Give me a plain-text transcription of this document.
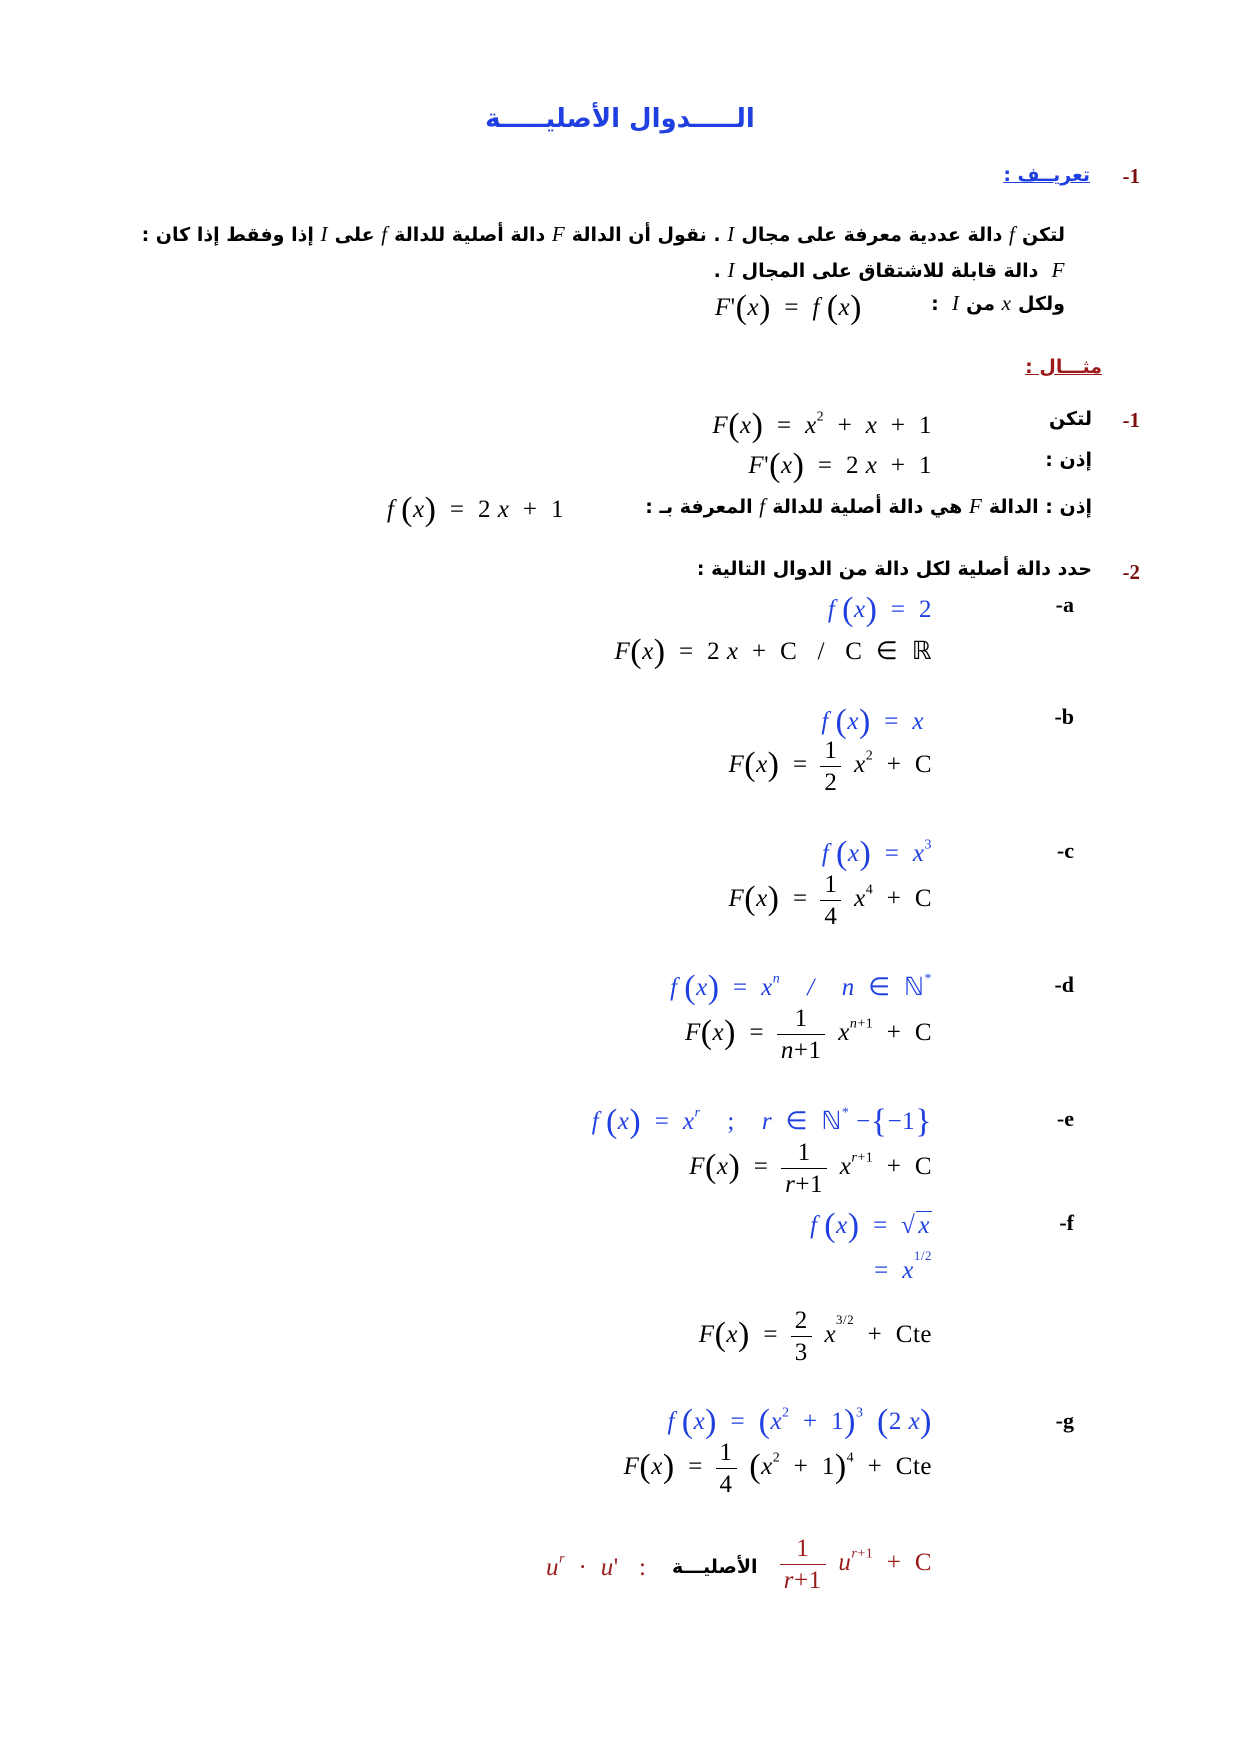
الـــــدوال الأصليـــــة
-1
تعريــف :
لتكن f دالة عددية معرفة على مجال I . نقول أن الدالة F دالة أصلية للدالة f على I إذا وفقط إذا كان :
F  دالة قابلة للاشتقاق على المجال I .
ولكل x من I  :
F'(x)  =  f (x)
مثـــال :
-1
لتكن
$F(x) = x^2 + x + 1$
إذن :
F'(x)  =  2 x  +  1
إذن : الدالة F هي دالة أصلية للدالة f المعرفة بـ :
f (x)  =  2 x  +  1
-2
حدد دالة أصلية لكل دالة من الدوال التالية :
-a
f (x)  =  2
F(x)  =  2 x  +  C   /   C  ∈  ℝ
-b
f (x)  =  x
$F(x) = \frac{1}{2} x^2 + C$
-c
f $(x) = x^3$
$F(x) = \frac{1}{4} x^4 + C$
-d
f $(x) = x^n / n$  ∈  ℕ*
$F(x) = \frac{1}{n+1} x^{n+1} + C$
-e
f $(x) = x^r$    ;    r  ∈  ℕ* −{−1}
$F(x) = \frac{1}{r+1} x^{r+1} + C$
-f
f (x)  =  √ x
=  $x^{1/2}$
$F(x) = \frac{2}{3} x^{3/2}$  +  Cte
-g
f $(x) = (x^2 + 1)^3$ (2 x)
$F(x) = \frac{1}{4} (x^2 + 1)^4$  +  Cte
$u^r \cdot u'$   : الأصليـــة $\frac{1}{r+1} u^{r+1} + C$
